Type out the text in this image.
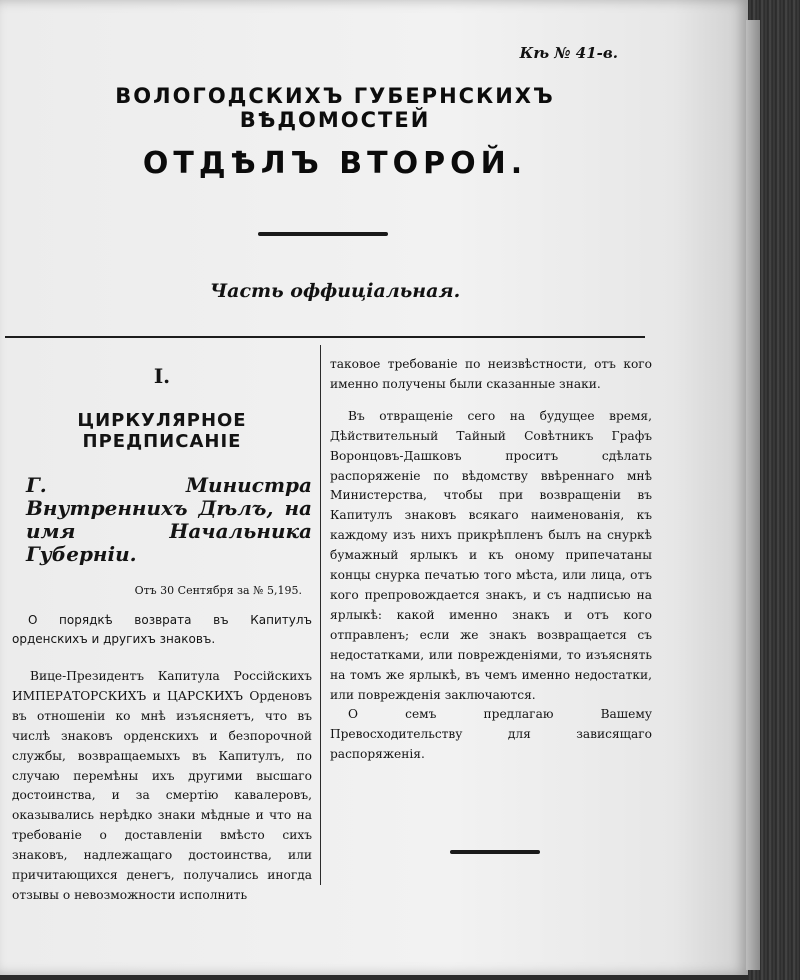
Кѣ № 41-в.
ВОЛОГОДСКИХЪ ГУБЕРНСКИХЪ ВѢДОМОСТЕЙ
ОТДѢЛЪ ВТОРОЙ.
Часть оффиціальная.
I.
ЦИРКУЛЯРНОЕ ПРЕДПИСАНІЕ
Г. Министра Внутреннихъ Дѣлъ, на имя Начальника Губерніи.
Отъ 30 Сентября за № 5,195.
О порядкѣ возврата въ Капитулъ орденскихъ и другихъ знаковъ.
Вице-Президентъ Капитула Россійскихъ ИМПЕРАТОРСКИХЪ и ЦАРСКИХЪ Орденовъ въ отношеніи ко мнѣ изъясняетъ, что въ числѣ знаковъ орденскихъ и безпорочной службы, возвращаемыхъ въ Капитулъ, по случаю перемѣны ихъ другими высшаго достоинства, и за смертію кавалеровъ, оказывались нерѣдко знаки мѣдные и что на требованіе о доставленіи вмѣсто сихъ знаковъ, надлежащаго достоинства, или причитающихся денегъ, получались иногда отзывы о невозможности исполнить
таковое требованіе по неизвѣстности, отъ кого именно получены были сказанные знаки.
Въ отвращеніе сего на будущее время, Дѣйствительный Тайный Совѣтникъ Графъ Воронцовъ-Дашковъ проситъ сдѣлать распоряженіе по вѣдомству ввѣреннаго мнѣ Министерства, чтобы при возвращеніи въ Капитулъ знаковъ всякаго наименованія, къ каждому изъ нихъ прикрѣпленъ былъ на снуркѣ бумажный ярлыкъ и къ оному припечатаны концы снурка печатью того мѣста, или лица, отъ кого препровождается знакъ, и съ надписью на ярлыкѣ: какой именно знакъ и отъ кого отправленъ; если же знакъ возвращается съ недостатками, или поврежденіями, то изъяснять на томъ же ярлыкѣ, въ чемъ именно недостатки, или поврежденія заключаются.
О семъ предлагаю Вашему Превосходительству для зависящаго распоряженія.
